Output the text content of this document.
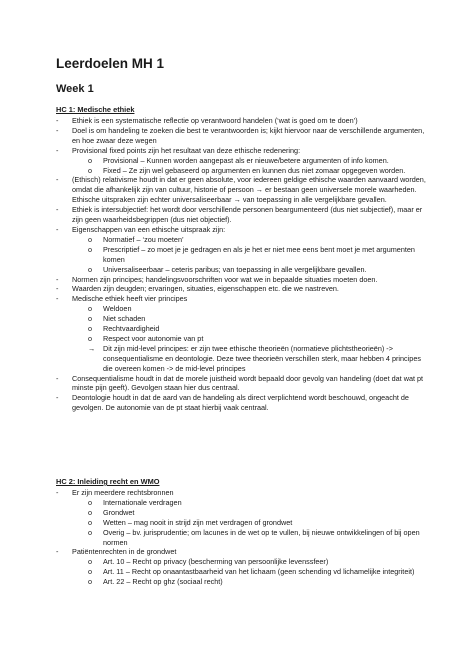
Leerdoelen MH 1
Week 1
HC 1: Medische ethiek
- Ethiek is een systematische reflectie op verantwoord handelen (‘wat is goed om te doen’)
- Doel is om handeling te zoeken die best te verantwoorden is; kijkt hiervoor naar de verschillende argumenten, en hoe zwaar deze wegen
- Provisional fixed points zijn het resultaat van deze ethische redenering:
o Provisional – Kunnen worden aangepast als er nieuwe/betere argumenten of info komen.
o Fixed – Ze zijn wel gebaseerd op argumenten en kunnen dus niet zomaar opgegeven worden.
- (Ethisch) relativisme houdt in dat er geen absolute, voor iedereen geldige ethische waarden aanvaard worden, omdat die afhankelijk zijn van cultuur, historie of persoon → er bestaan geen universele morele waarheden.
Ethische uitspraken zijn echter universaliseerbaar → van toepassing in alle vergelijkbare gevallen.
- Ethiek is intersubjectief: het wordt door verschillende personen beargumenteerd (dus niet subjectief), maar er zijn geen waarheidsbegrippen (dus niet objectief).
- Eigenschappen van een ethische uitspraak zijn:
o Normatief – ‘zou moeten’
o Prescriptief – zo moet je je gedragen en als je het er niet mee eens bent moet je met argumenten komen
o Universaliseerbaar – ceteris paribus; van toepassing in alle vergelijkbare gevallen.
- Normen zijn principes; handelingsvoorschriften voor wat we in bepaalde situaties moeten doen.
- Waarden zijn deugden; ervaringen, situaties, eigenschappen etc. die we nastreven.
- Medische ethiek heeft vier principes
o Weldoen
o Niet schaden
o Rechtvaardigheid
o Respect voor autonomie van pt
→ Dit zijn mid-level principes: er zijn twee ethische theorieën (normatieve plichtstheorieën) -> consequentialisme en deontologie. Deze twee theorieën verschillen sterk, maar hebben 4 principes die overeen komen -> de mid-level principes
- Consequentialisme houdt in dat de morele juistheid wordt bepaald door gevolg van handeling (doet dat wat pt minste pijn geeft). Gevolgen staan hier dus centraal.
- Deontologie houdt in dat de aard van de handeling als direct verplichtend wordt beschouwd, ongeacht de gevolgen. De autonomie van de pt staat hierbij vaak centraal.
HC 2: Inleiding recht en WMO
- Er zijn meerdere rechtsbronnen
o Internationale verdragen
o Grondwet
o Wetten – mag nooit in strijd zijn met verdragen of grondwet
o Overig – bv. jurisprudentie; om lacunes in de wet op te vullen, bij nieuwe ontwikkelingen of bij open normen
- Patiëntenrechten in de grondwet
o Art. 10 – Recht op privacy (bescherming van persoonlijke levenssfeer)
o Art. 11 – Recht op onaantastbaarheid van het lichaam (geen schending vd lichamelijke integriteit)
o Art. 22 – Recht op ghz (sociaal recht)
